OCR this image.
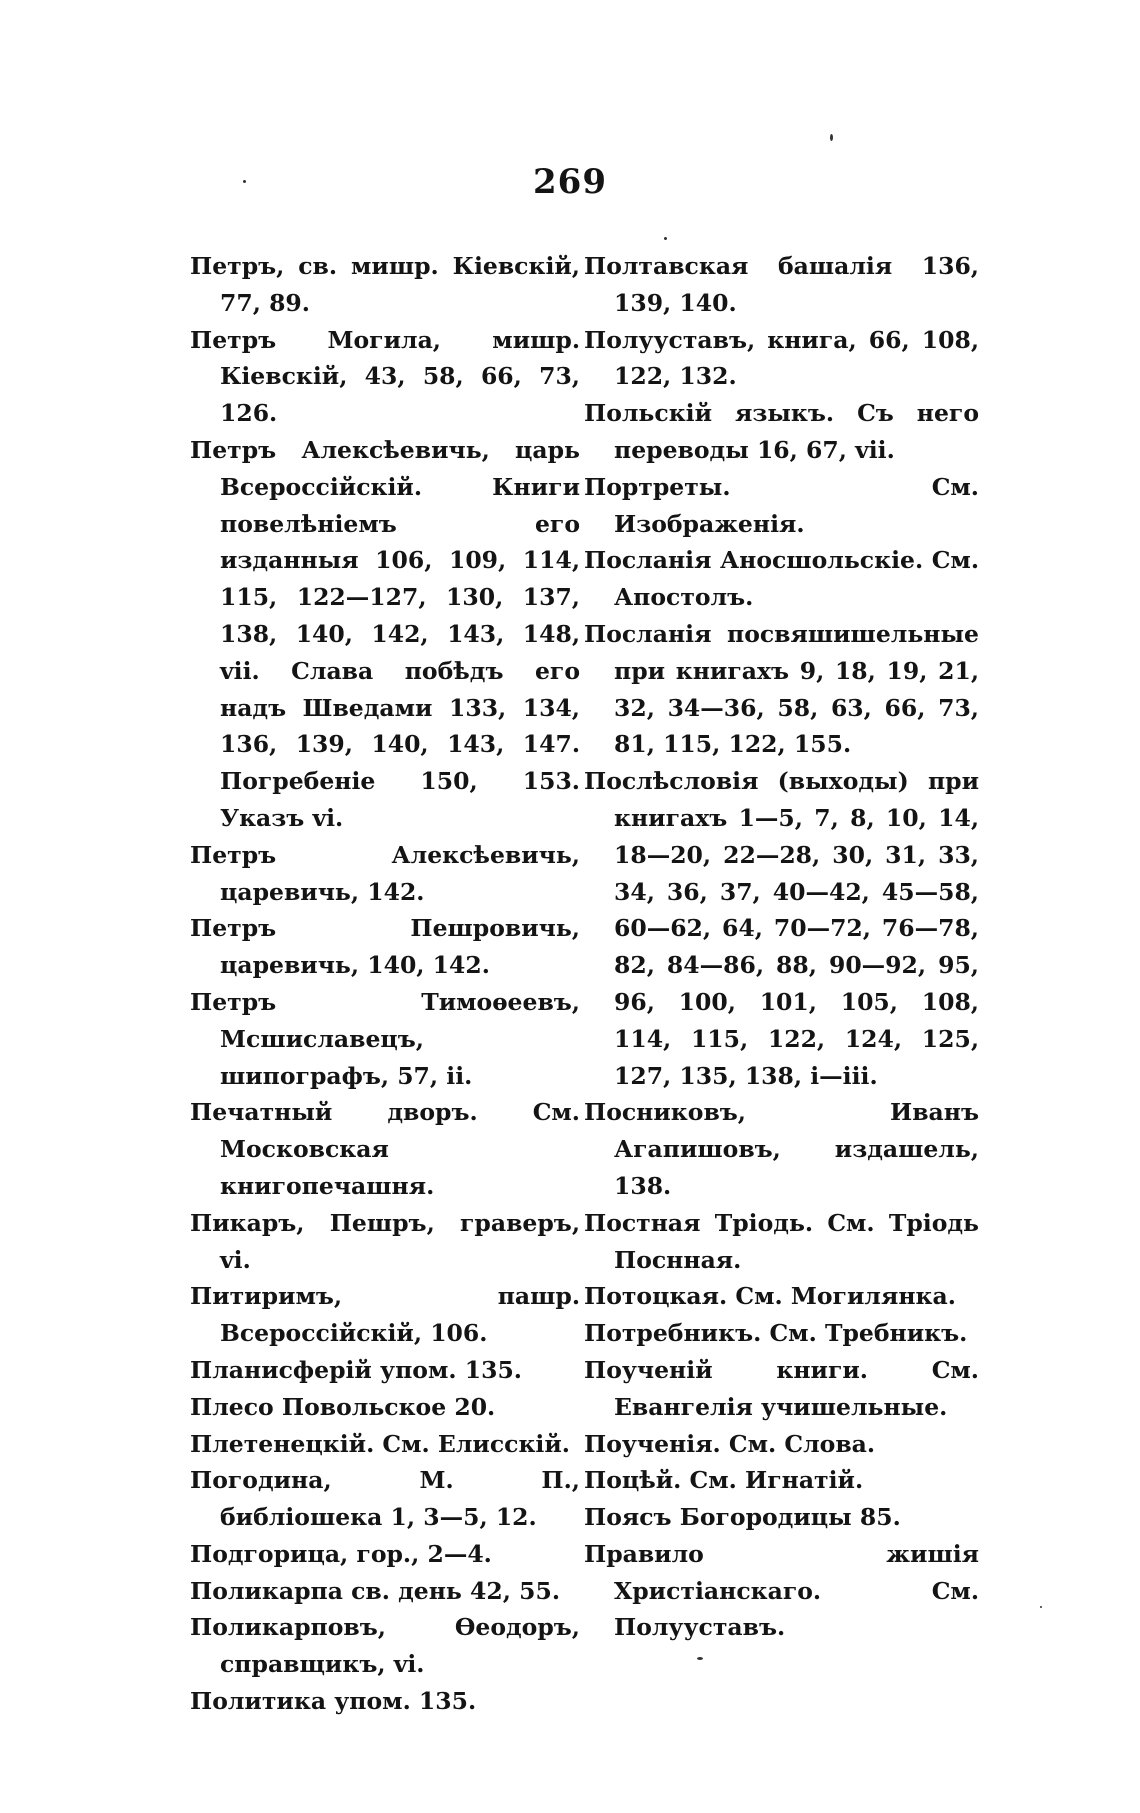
269

Петръ, св. мишр. Кіевскій, 77, 89.

Петръ Могила, мишр. Кіевскій, 43, 58, 66, 73, 126.

Петръ Алексѣевичь, царь Всероссійскій. Книги повелѣніемъ его изданныя 106, 109, 114, 115, 122—127, 130, 137, 138, 140, 142, 143, 148, vii. Слава побѣдъ его надъ Шведами 133, 134, 136, 139, 140, 143, 147. Погребеніе 150, 153. Указъ vi.

Петръ Алексѣевичь, царевичь, 142.

Петръ Пешровичь, царевичь, 140, 142.

Петръ Тимоѳеевъ, Мсшиславецъ, шипографъ, 57, ii.

Печатный дворъ. См. Московская книгопечашня.

Пикаръ, Пешръ, граверъ, vi.

Питиримъ, пашр. Всероссійскій, 106.

Планисферій упом. 135.

Плесо Повольское 20.

Плетенецкій. См. Елисскій.

Погодина, М. П., библіошека 1, 3—5, 12.

Подгорица, гор., 2—4.

Поликарпа св. день 42, 55.

Поликарповъ, Ѳеодоръ, справщикъ, vi.

Политика упом. 135.

Полтавская башалія 136, 139, 140.

Полууставъ, книга, 66, 108, 122, 132.

Польскій языкъ. Съ него переводы 16, 67, vii.

Портреты. См. Изображенія.

Посланія Аносшольскіе. См. Апостолъ.

Посланія посвяшишельные при книгахъ 9, 18, 19, 21, 32, 34—36, 58, 63, 66, 73, 81, 115, 122, 155.

Послѣсловія (выходы) при книгахъ 1—5, 7, 8, 10, 14, 18—20, 22—28, 30, 31, 33, 34, 36, 37, 40—42, 45—58, 60—62, 64, 70—72, 76—78, 82, 84—86, 88, 90—92, 95, 96, 100, 101, 105, 108, 114, 115, 122, 124, 125, 127, 135, 138, i—iii.

Посниковъ, Иванъ Агапишовъ, издашель, 138.

Постная Тріодь. См. Тріодь Поснная.

Потоцкая. См. Могилянка.

Потребникъ. См. Требникъ.

Поученій книги. См. Евангелія учишельные.

Поученія. См. Слова.

Поцѣй. См. Игнатій.

Поясъ Богородицы 85.

Правило жишія Христіанскаго. См. Полууставъ.
